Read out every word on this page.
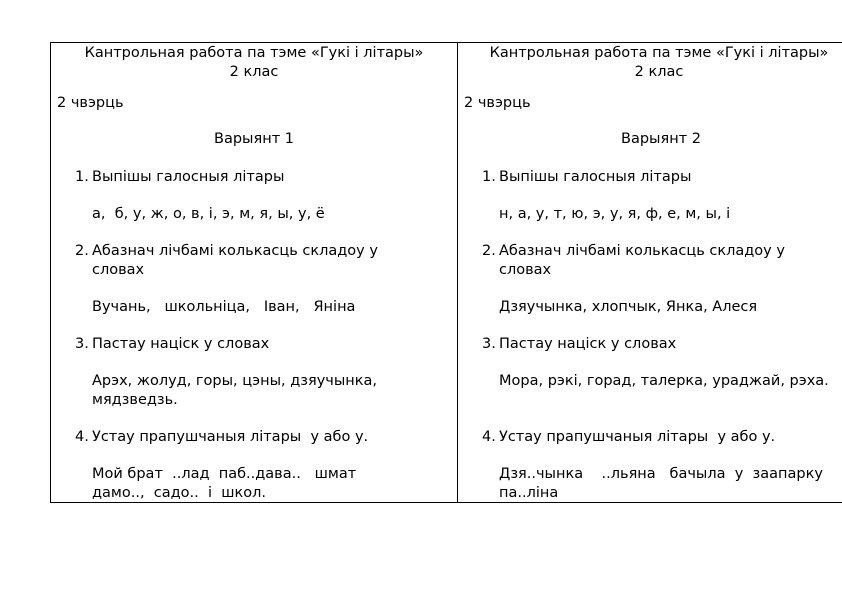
Кантрольная работа па тэме «Гукі і літары»
2 клас
2 чвэрць
Варыянт 1
1. Выпішы галосныя літары
а,  б, у, ж, о, в, і, э, м, я, ы, у, ё
2. Абазнач лічбамі колькасць складоу у словах
Вучань,   школьніца,   Іван,   Яніна
3. Пастау націск у словах
Арэх, жолуд, горы, цэны, дзяучынка, мядзведзь.
4. Устау прапушчаныя літары  у або у.
Мой брат  ..лад  паб..дава..   шмат
дамо..,  садо..  і  школ.
Кантрольная работа па тэме «Гукі і літары»
2 клас
2 чвэрць
Варыянт 2
1. Выпішы галосныя літары
н, а, у, т, ю, э, у, я, ф, е, м, ы, і
2. Абазнач лічбамі колькасць складоу у словах
Дзяучынка, хлопчык, Янка, Алеся
3. Пастау націск у словах
Мора, рэкі, горад, талерка, ураджай, рэха.
4. Устау прапушчаныя літары  у або у.
Дзя..чынка    ..льяна   бачыла  у  заапарку
па..ліна
